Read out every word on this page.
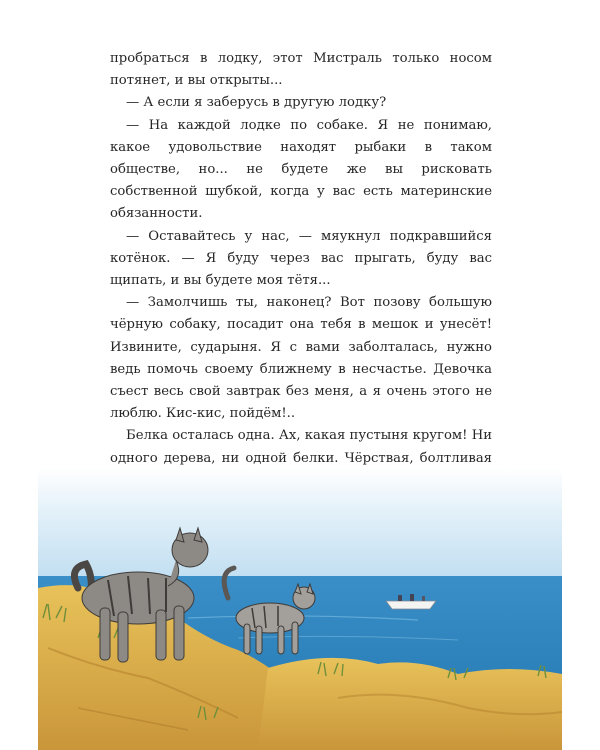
пробраться в лодку, этот Мистраль только носом потянет, и вы открыты...

— А если я заберусь в другую лодку?

— На каждой лодке по собаке. Я не понимаю, какое удовольствие находят рыбаки в таком обществе, но... не будете же вы рисковать собственной шубкой, когда у вас есть материнские обязанности.

— Оставайтесь у нас, — мяукнул подкравшийся котёнок. — Я буду через вас прыгать, буду вас щипать, и вы будете моя тётя...

— Замолчишь ты, наконец? Вот позову большую чёрную собаку, посадит она тебя в мешок и унесёт! Извините, сударыня. Я с вами заболталась, нужно ведь помочь своему ближнему в несчастье. Девочка съест весь свой завтрак без меня, а я очень этого не люблю. Кис-кис, пойдём!..

Белка осталась одна. Ах, какая пустыня кругом! Ни одного дерева, ни одной белки. Чёрствая, болтливая
